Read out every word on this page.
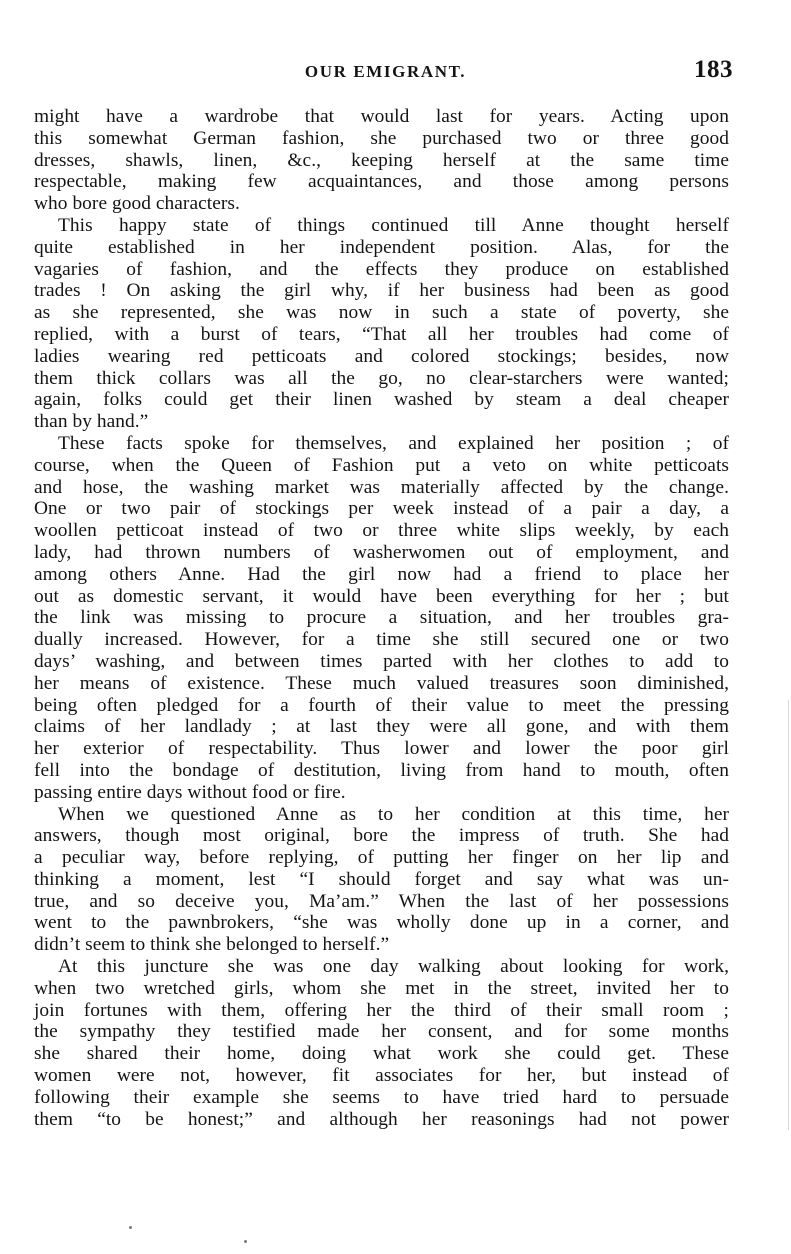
OUR EMIGRANT.	183
might have a wardrobe that would last for years. Acting upon
this somewhat German fashion, she purchased two or three good
dresses, shawls, linen, &c., keeping herself at the same time
respectable, making few acquaintances, and those among persons
who bore good characters.
This happy state of things continued till Anne thought herself
quite established in her independent position. Alas, for the
vagaries of fashion, and the effects they produce on established
trades ! On asking the girl why, if her business had been as good
as she represented, she was now in such a state of poverty, she
replied, with a burst of tears, “That all her troubles had come of
ladies wearing red petticoats and colored stockings; besides, now
them thick collars was all the go, no clear-starchers were wanted;
again, folks could get their linen washed by steam a deal cheaper
than by hand.”
These facts spoke for themselves, and explained her position ; of
course, when the Queen of Fashion put a veto on white petticoats
and hose, the washing market was materially affected by the change.
One or two pair of stockings per week instead of a pair a day, a
woollen petticoat instead of two or three white slips weekly, by each
lady, had thrown numbers of washerwomen out of employment, and
among others Anne. Had the girl now had a friend to place her
out as domestic servant, it would have been everything for her ; but
the link was missing to procure a situation, and her troubles gra-
dually increased. However, for a time she still secured one or two
days’ washing, and between times parted with her clothes to add to
her means of existence. These much valued treasures soon diminished,
being often pledged for a fourth of their value to meet the pressing
claims of her landlady ; at last they were all gone, and with them
her exterior of respectability. Thus lower and lower the poor girl
fell into the bondage of destitution, living from hand to mouth, often
passing entire days without food or fire.
When we questioned Anne as to her condition at this time, her
answers, though most original, bore the impress of truth. She had
a peculiar way, before replying, of putting her finger on her lip and
thinking a moment, lest “I should forget and say what was un-
true, and so deceive you, Ma’am.” When the last of her possessions
went to the pawnbrokers, “she was wholly done up in a corner, and
didn’t seem to think she belonged to herself.”
At this juncture she was one day walking about looking for work,
when two wretched girls, whom she met in the street, invited her to
join fortunes with them, offering her the third of their small room ;
the sympathy they testified made her consent, and for some months
she shared their home, doing what work she could get. These
women were not, however, fit associates for her, but instead of
following their example she seems to have tried hard to persuade
them “to be honest;” and although her reasonings had not power
